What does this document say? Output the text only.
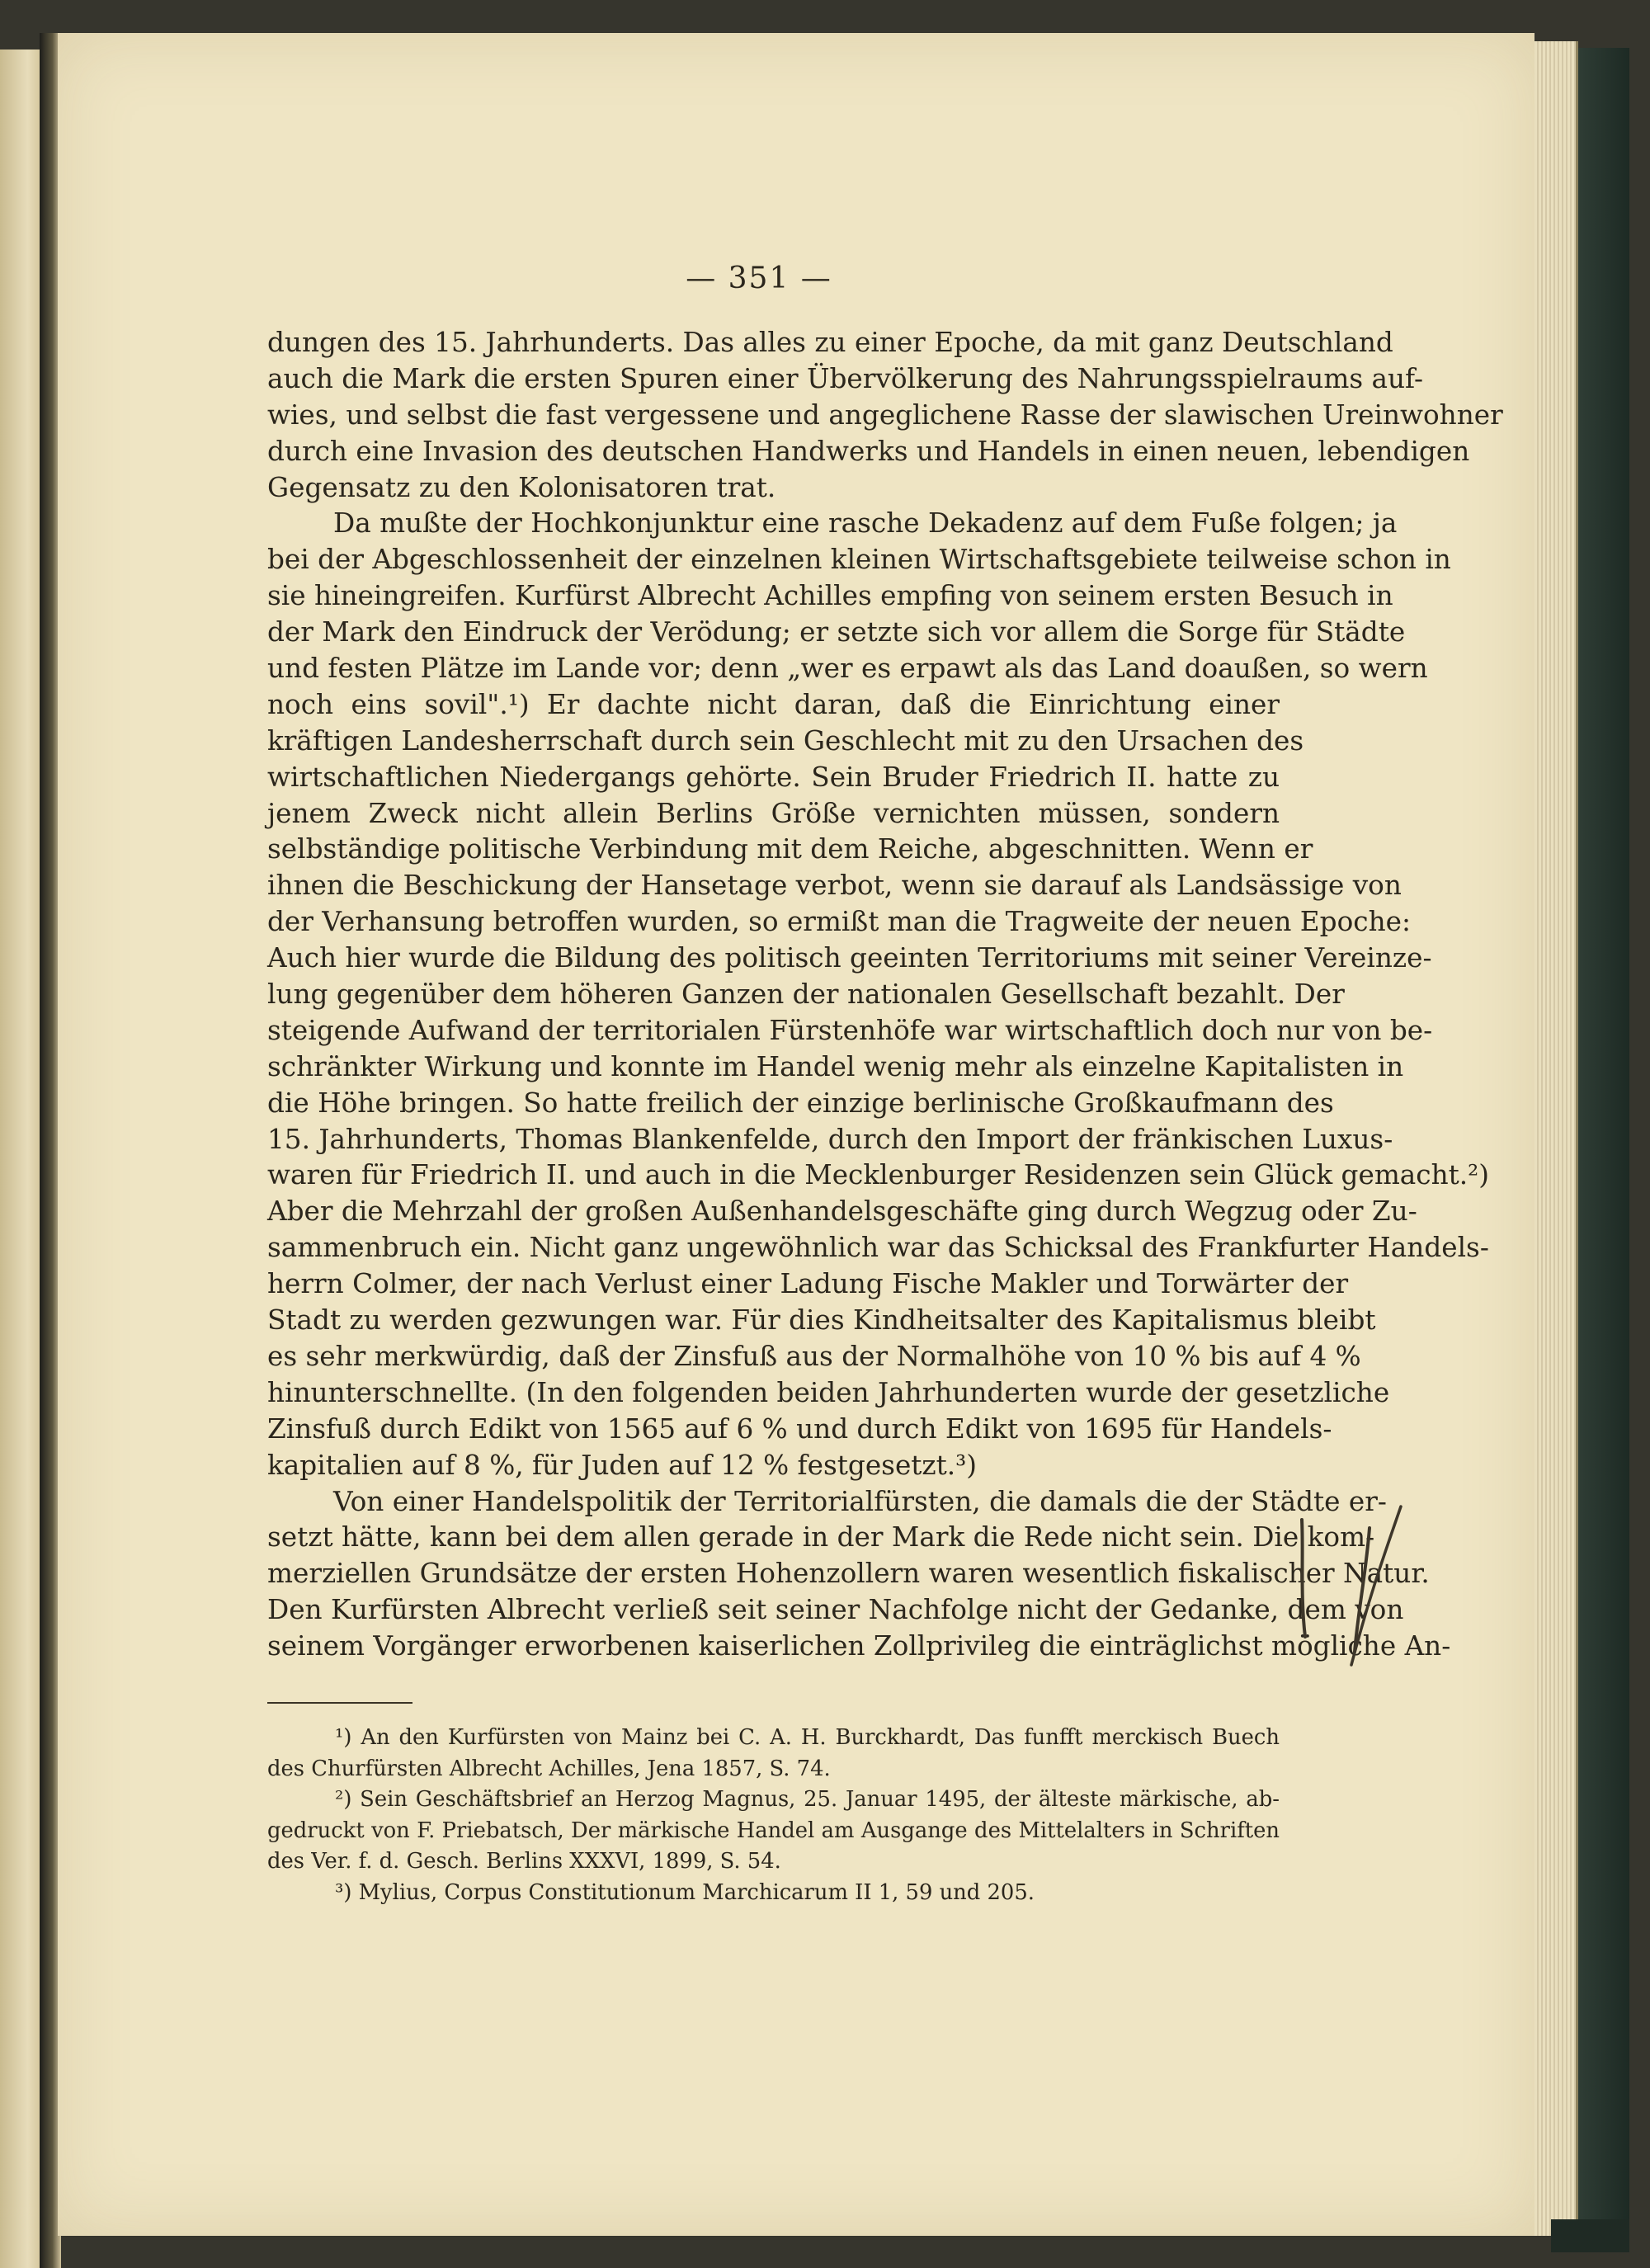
— 351 —
dungen des 15. Jahrhunderts. Das alles zu einer Epoche, da mit ganz Deutschland
auch die Mark die ersten Spuren einer Übervölkerung des Nahrungsspielraums auf-
wies, und selbst die fast vergessene und angeglichene Rasse der slawischen Ureinwohner
durch eine Invasion des deutschen Handwerks und Handels in einen neuen, lebendigen
Gegensatz zu den Kolonisatoren trat.
Da mußte der Hochkonjunktur eine rasche Dekadenz auf dem Fuße folgen; ja
bei der Abgeschlossenheit der einzelnen kleinen Wirtschaftsgebiete teilweise schon in
sie hineingreifen. Kurfürst Albrecht Achilles empfing von seinem ersten Besuch in
der Mark den Eindruck der Verödung; er setzte sich vor allem die Sorge für Städte
und festen Plätze im Lande vor; denn „wer es erpawt als das Land doaußen, so wern
noch eins sovil".¹) Er dachte nicht daran, daß die Einrichtung einer
kräftigen Landesherrschaft durch sein Geschlecht mit zu den Ursachen des
wirtschaftlichen Niedergangs gehörte. Sein Bruder Friedrich II. hatte zu
jenem Zweck nicht allein Berlins Größe vernichten müssen, sondern
selbständige politische Verbindung mit dem Reiche, abgeschnitten. Wenn er
ihnen die Beschickung der Hansetage verbot, wenn sie darauf als Landsässige von
der Verhansung betroffen wurden, so ermißt man die Tragweite der neuen Epoche:
Auch hier wurde die Bildung des politisch geeinten Territoriums mit seiner Vereinze-
lung gegenüber dem höheren Ganzen der nationalen Gesellschaft bezahlt. Der
steigende Aufwand der territorialen Fürstenhöfe war wirtschaftlich doch nur von be-
schränkter Wirkung und konnte im Handel wenig mehr als einzelne Kapitalisten in
die Höhe bringen. So hatte freilich der einzige berlinische Großkaufmann des
15. Jahrhunderts, Thomas Blankenfelde, durch den Import der fränkischen Luxus-
waren für Friedrich II. und auch in die Mecklenburger Residenzen sein Glück gemacht.²)
Aber die Mehrzahl der großen Außenhandelsgeschäfte ging durch Wegzug oder Zu-
sammenbruch ein. Nicht ganz ungewöhnlich war das Schicksal des Frankfurter Handels-
herrn Colmer, der nach Verlust einer Ladung Fische Makler und Torwärter der
Stadt zu werden gezwungen war. Für dies Kindheitsalter des Kapitalismus bleibt
es sehr merkwürdig, daß der Zinsfuß aus der Normalhöhe von 10 % bis auf 4 %
hinunterschnellte. (In den folgenden beiden Jahrhunderten wurde der gesetzliche
Zinsfuß durch Edikt von 1565 auf 6 % und durch Edikt von 1695 für Handels-
kapitalien auf 8 %, für Juden auf 12 % festgesetzt.³)
Von einer Handelspolitik der Territorialfürsten, die damals die der Städte er-
setzt hätte, kann bei dem allen gerade in der Mark die Rede nicht sein. Die kom-
merziellen Grundsätze der ersten Hohenzollern waren wesentlich fiskalischer Natur.
Den Kurfürsten Albrecht verließ seit seiner Nachfolge nicht der Gedanke, dem von
seinem Vorgänger erworbenen kaiserlichen Zollprivileg die einträglichst mögliche An-
¹) An den Kurfürsten von Mainz bei C. A. H. Burckhardt, Das funfft merckisch Buech
des Churfürsten Albrecht Achilles, Jena 1857, S. 74.
²) Sein Geschäftsbrief an Herzog Magnus, 25. Januar 1495, der älteste märkische, ab-
gedruckt von F. Priebatsch, Der märkische Handel am Ausgange des Mittelalters in Schriften
des Ver. f. d. Gesch. Berlins XXXVI, 1899, S. 54.
³) Mylius, Corpus Constitutionum Marchicarum II 1, 59 und 205.
